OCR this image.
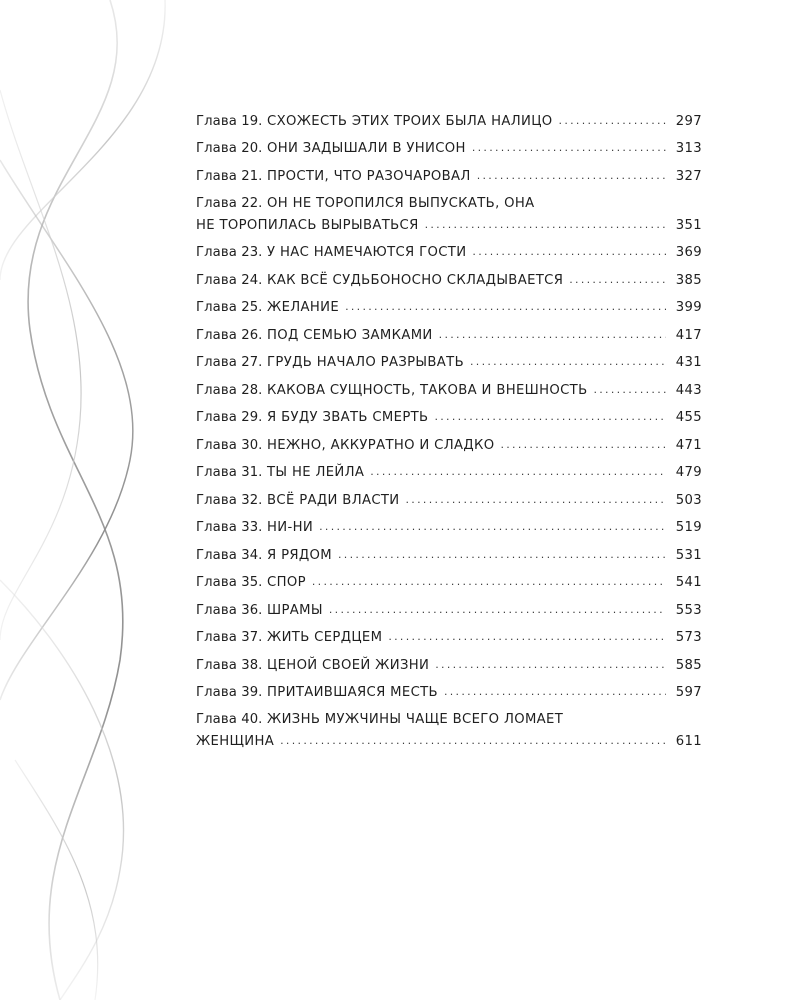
Глава 19. СХОЖЕСТЬ ЭТИХ ТРОИХ БЫЛА НАЛИЦО . . .	297
Глава 20. ОНИ ЗАДЫШАЛИ В УНИСОН . . .	313
Глава 21. ПРОСТИ, ЧТО РАЗОЧАРОВАЛ . . .	327
Глава 22. ОН НЕ ТОРОПИЛСЯ ВЫПУСКАТЬ, ОНА
НЕ ТОРОПИЛАСЬ ВЫРЫВАТЬСЯ . . .	351
Глава 23. У НАС НАМЕЧАЮТСЯ ГОСТИ . . .	369
Глава 24. КАК ВСЁ СУДЬБОНОСНО СКЛАДЫВАЕТСЯ . . .	385
Глава 25. ЖЕЛАНИЕ . . .	399
Глава 26. ПОД СЕМЬЮ ЗАМКАМИ . . .	417
Глава 27. ГРУДЬ НАЧАЛО РАЗРЫВАТЬ . . .	431
Глава 28. КАКОВА СУЩНОСТЬ, ТАКОВА И ВНЕШНОСТЬ . . .	443
Глава 29. Я БУДУ ЗВАТЬ СМЕРТЬ . . .	455
Глава 30. НЕЖНО, АККУРАТНО И СЛАДКО . . .	471
Глава 31. ТЫ НЕ ЛЕЙЛА . . .	479
Глава 32. ВСЁ РАДИ ВЛАСТИ . . .	503
Глава 33. НИ-НИ . . .	519
Глава 34. Я РЯДОМ . . .	531
Глава 35. СПОР . . .	541
Глава 36. ШРАМЫ . . .	553
Глава 37. ЖИТЬ СЕРДЦЕМ . . .	573
Глава 38. ЦЕНОЙ СВОЕЙ ЖИЗНИ . . .	585
Глава 39. ПРИТАИВШАЯСЯ МЕСТЬ . . .	597
Глава 40. ЖИЗНЬ МУЖЧИНЫ ЧАЩЕ ВСЕГО ЛОМАЕТ
ЖЕНЩИНА . . .	611
